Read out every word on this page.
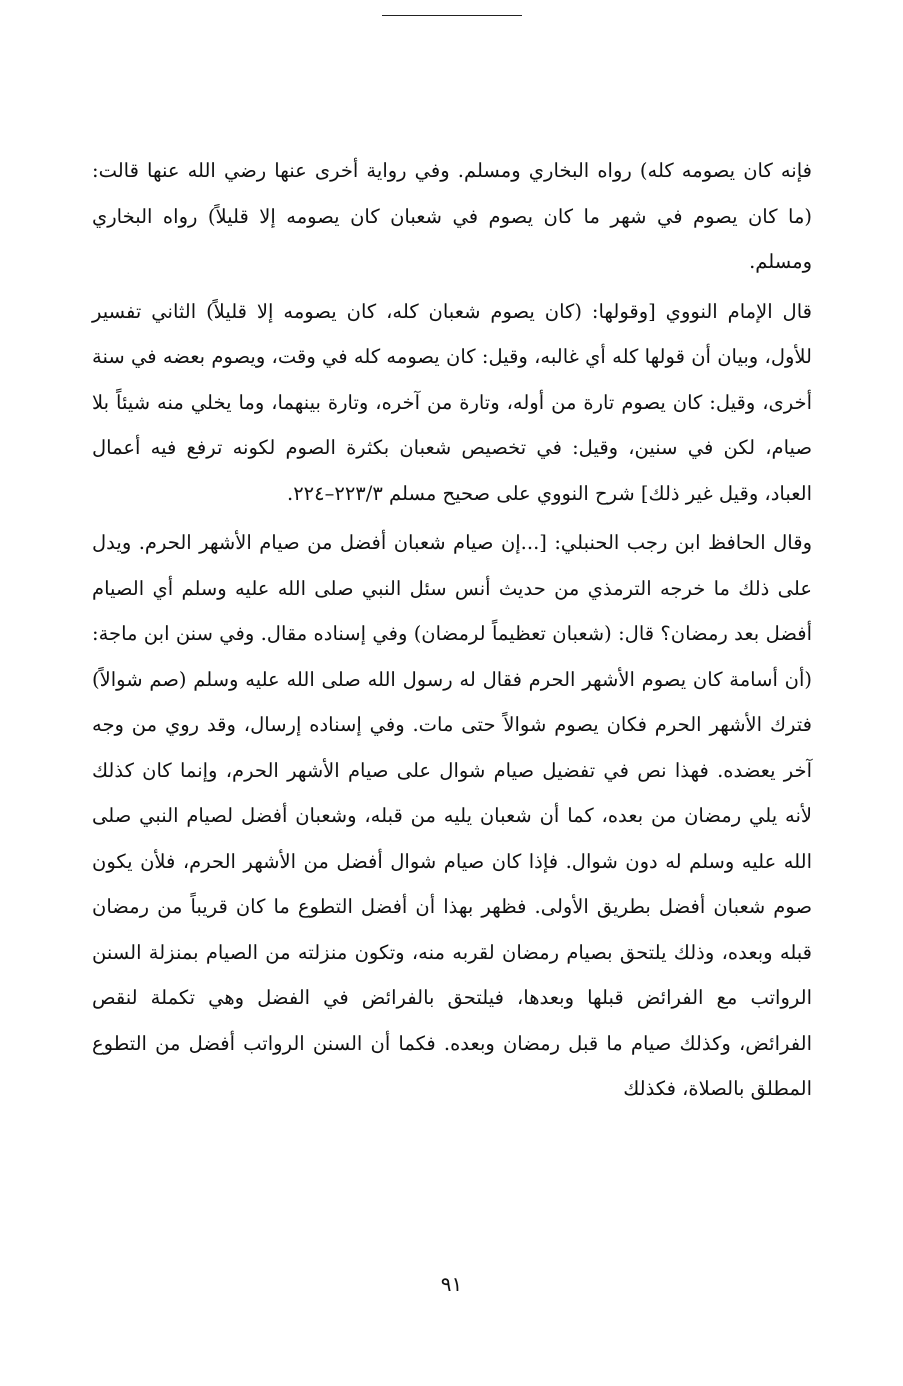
فإنه كان يصومه كله) رواه البخاري ومسلم. وفي رواية أخرى عنها رضي الله عنها قالت: (ما كان يصوم في شهر ما كان يصوم في شعبان كان يصومه إلا قليلاً) رواه البخاري ومسلم.

قال الإمام النووي [وقولها: (كان يصوم شعبان كله، كان يصومه إلا قليلاً) الثاني تفسير للأول، وبيان أن قولها كله أي غالبه، وقيل: كان يصومه كله في وقت، ويصوم بعضه في سنة أخرى، وقيل: كان يصوم تارة من أوله، وتارة من آخره، وتارة بينهما، وما يخلي منه شيئاً بلا صيام، لكن في سنين، وقيل: في تخصيص شعبان بكثرة الصوم لكونه ترفع فيه أعمال العباد، وقيل غير ذلك] شرح النووي على صحيح مسلم ٢٢٣/٣–٢٢٤.

وقال الحافظ ابن رجب الحنبلي: [...إن صيام شعبان أفضل من صيام الأشهر الحرم. ويدل على ذلك ما خرجه الترمذي من حديث أنس سئل النبي صلى الله عليه وسلم أي الصيام أفضل بعد رمضان؟ قال: (شعبان تعظيماً لرمضان) وفي إسناده مقال. وفي سنن ابن ماجة: (أن أسامة كان يصوم الأشهر الحرم فقال له رسول الله صلى الله عليه وسلم (صم شوالاً) فترك الأشهر الحرم فكان يصوم شوالاً حتى مات. وفي إسناده إرسال، وقد روي من وجه آخر يعضده. فهذا نص في تفضيل صيام شوال على صيام الأشهر الحرم، وإنما كان كذلك لأنه يلي رمضان من بعده، كما أن شعبان يليه من قبله، وشعبان أفضل لصيام النبي صلى الله عليه وسلم له دون شوال. فإذا كان صيام شوال أفضل من الأشهر الحرم، فلأن يكون صوم شعبان أفضل بطريق الأولى. فظهر بهذا أن أفضل التطوع ما كان قريباً من رمضان قبله وبعده، وذلك يلتحق بصيام رمضان لقربه منه، وتكون منزلته من الصيام بمنزلة السنن الرواتب مع الفرائض قبلها وبعدها، فيلتحق بالفرائض في الفضل وهي تكملة لنقص الفرائض، وكذلك صيام ما قبل رمضان وبعده. فكما أن السنن الرواتب أفضل من التطوع المطلق بالصلاة، فكذلك

٩١
